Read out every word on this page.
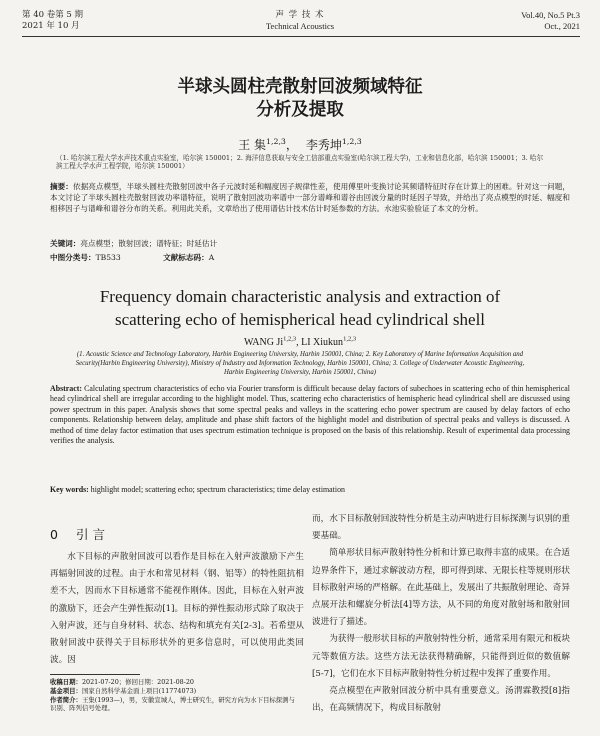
第 40 卷第 5 期
2021 年 10 月
声 学 技 术
Technical Acoustics
Vol.40, No.5 Pt.3
Oct., 2021
半球头圆柱壳散射回波频域特征
分析及提取
王 集$^{1,2,3}$， 李秀坤$^{1,2,3}$
（1. 哈尔滨工程大学水声技术重点实验室，哈尔滨 150001；2. 海洋信息获取与安全工信部重点实验室(哈尔滨工程大学)，工业和信息化部，哈尔滨 150001；3. 哈尔滨工程大学水声工程学院，哈尔滨 150001）
摘要：依据亮点模型，半球头圆柱壳散射回波中各子元波时延和幅度因子规律性差，使用傅里叶变换讨论其频谱特征时存在计算上的困难。针对这一问题，本文讨论了半球头圆柱壳散射回波功率谱特征，说明了散射回波功率谱中一部分谱峰和谱谷由回波分量的时延因子导致，并给出了亮点模型的时延、幅度和相移因子与谱峰和谱谷分布的关系。利用此关系，文章给出了使用谱估计技术估计时延参数的方法。水池实验验证了本文的分析。
关键词：亮点模型；散射回波；谱特征；时延估计
中图分类号：TB533	文献标志码：A
Frequency domain characteristic analysis and extraction of
scattering echo of hemispherical head cylindrical shell
WANG Ji$^{1,2,3}$, LI Xiukun$^{1,2,3}$
(1. Acoustic Science and Technology Laboratory, Harbin Engineering University, Harbin 150001, China; 2. Key Laboratory of Marine Information Acquisition and Security(Harbin Engineering University), Ministry of Industry and Information Technology, Harbin 150001, China; 3. College of Underwater Acoustic Engineering, Harbin Engineering University, Harbin 150001, China)
Abstract: Calculating spectrum characteristics of echo via Fourier transform is difficult because delay factors of subechoes in scattering echo of thin hemispherical head cylindrical shell are irregular according to the highlight model. Thus, scattering echo characteristics of hemispheric head cylindrical shell are discussed using power spectrum in this paper. Analysis shows that some spectral peaks and valleys in the scattering echo power spectrum are caused by delay factors of echo components. Relationship between delay, amplitude and phase shift factors of the highlight model and distribution of spectral peaks and valleys is discussed. A method of time delay factor estimation that uses spectrum estimation technique is proposed on the basis of this relationship. Result of experimental data processing verifies the analysis.
Key words: highlight model; scattering echo; spectrum characteristics; time delay estimation
0 引言

水下目标的声散射回波可以看作是目标在入射声波激励下产生再辐射回波的过程。由于水和常见材料（钢、铝等）的特性阻抗相差不大，因而水下目标通常不能视作刚体。因此，目标在入射声波的激励下，还会产生弹性振动[1]。目标的弹性振动形式除了取决于入射声波，还与自身材料、状态、结构和填充有关[2-3]。若希望从散射回波中获得关于目标形状外的更多信息时，可以使用此类回波。因

收稿日期：2021-07-20；修回日期：2021-08-20
基金项目：国家自然科学基金面上项目(11774073)
作者简介：王集(1993—)，男，安徽宣城人，博士研究生，研究方向为水下目标探测与识别、阵列信号处理。

而，水下目标散射回波特性分析是主动声呐进行目标探测与识别的重要基础。

简单形状目标声散射特性分析和计算已取得丰富的成果。在合适边界条件下，通过求解波动方程，即可得到球、无限长柱等规则形状目标散射声场的严格解。在此基础上，发展出了共振散射理论、奇异点展开法和螺旋分析法[4]等方法，从不同的角度对散射场和散射回波进行了描述。

为获得一般形状目标的声散射特性分析，通常采用有限元和板块元等数值方法。这些方法无法获得精确解，只能得到近似的数值解[5-7]，它们在水下目标声散射特性分析过程中发挥了重要作用。

亮点模型在声散射回波分析中具有重要意义。汤渭霖教授[8]指出，在高频情况下，构成目标散射
